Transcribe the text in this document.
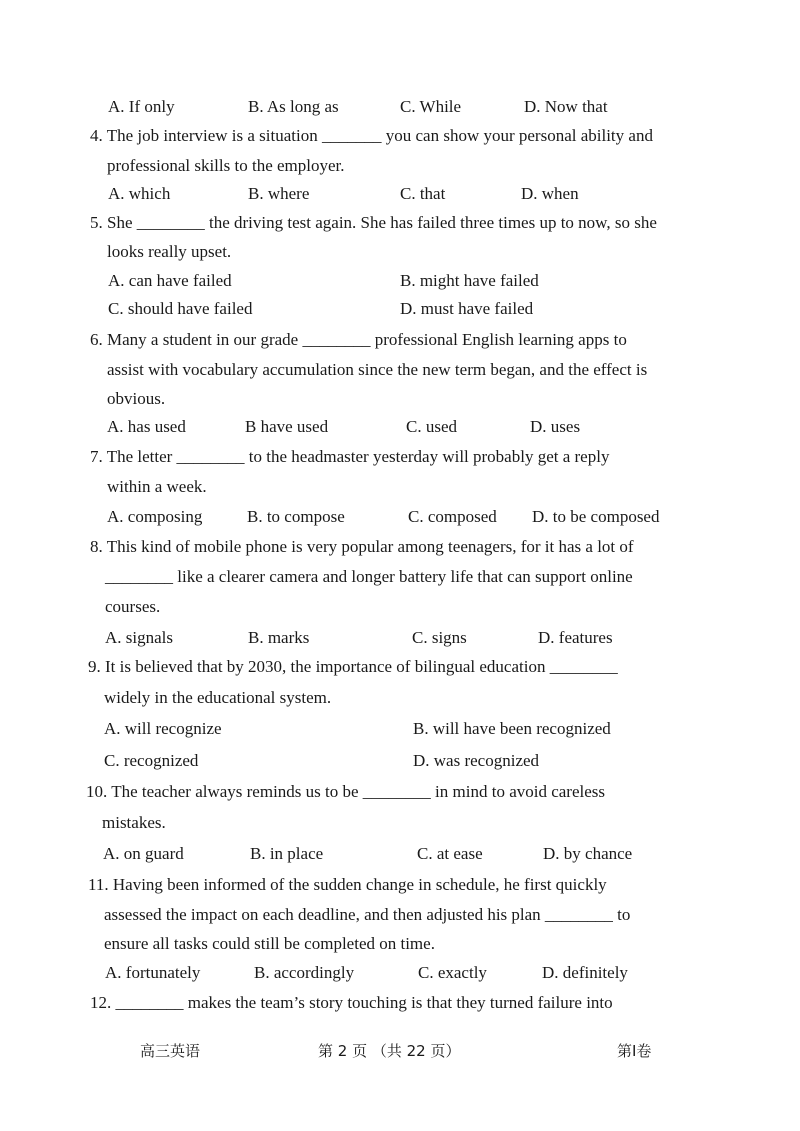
A. If only	B. As long as	C. While	D. Now that
4. The job interview is a situation _______ you can show your personal ability and
professional skills to the employer.
A. which	B. where	C. that	D. when
5. She ________ the driving test again. She has failed three times up to now, so she
looks really upset.
A. can have failed	B. might have failed
C. should have failed	D. must have failed
6. Many a student in our grade ________ professional English learning apps to
assist with vocabulary accumulation since the new term began, and the effect is
obvious.
A. has used	B have used	C. used	D. uses
7. The letter ________ to the headmaster yesterday will probably get a reply
within a week.
A. composing	B. to compose	C. composed D. to be composed
8. This kind of mobile phone is very popular among teenagers, for it has a lot of
________ like a clearer camera and longer battery life that can support online
courses.
A. signals	B. marks	C. signs	D. features
9. It is believed that by 2030, the importance of bilingual education ________
widely in the educational system.
A. will recognize	B. will have been recognized
C. recognized	D. was recognized
10. The teacher always reminds us to be ________ in mind to avoid careless
mistakes.
A. on guard	B. in place	C. at ease	D. by chance
11. Having been informed of the sudden change in schedule, he first quickly
assessed the impact on each deadline, and then adjusted his plan ________ to
ensure all tasks could still be completed on time.
A. fortunately	B. accordingly	C. exactly	D. definitely
12. ________ makes the team’s story touching is that they turned failure into
高三英语	第 2 页 （共 22 页）	第I卷
